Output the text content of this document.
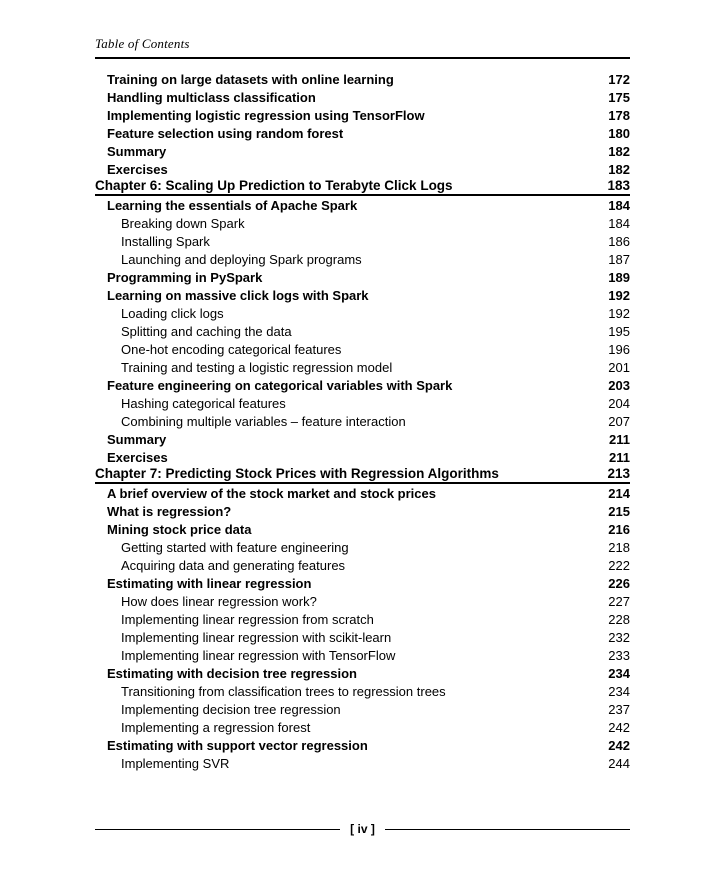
Table of Contents
Training on large datasets with online learning	172
Handling multiclass classification	175
Implementing logistic regression using TensorFlow	178
Feature selection using random forest	180
Summary	182
Exercises	182
Chapter 6: Scaling Up Prediction to Terabyte Click Logs	183
Learning the essentials of Apache Spark	184
Breaking down Spark	184
Installing Spark	186
Launching and deploying Spark programs	187
Programming in PySpark	189
Learning on massive click logs with Spark	192
Loading click logs	192
Splitting and caching the data	195
One-hot encoding categorical features	196
Training and testing a logistic regression model	201
Feature engineering on categorical variables with Spark	203
Hashing categorical features	204
Combining multiple variables – feature interaction	207
Summary	211
Exercises	211
Chapter 7: Predicting Stock Prices with Regression Algorithms	213
A brief overview of the stock market and stock prices	214
What is regression?	215
Mining stock price data	216
Getting started with feature engineering	218
Acquiring data and generating features	222
Estimating with linear regression	226
How does linear regression work?	227
Implementing linear regression from scratch	228
Implementing linear regression with scikit-learn	232
Implementing linear regression with TensorFlow	233
Estimating with decision tree regression	234
Transitioning from classification trees to regression trees	234
Implementing decision tree regression	237
Implementing a regression forest	242
Estimating with support vector regression	242
Implementing SVR	244
[ iv ]
